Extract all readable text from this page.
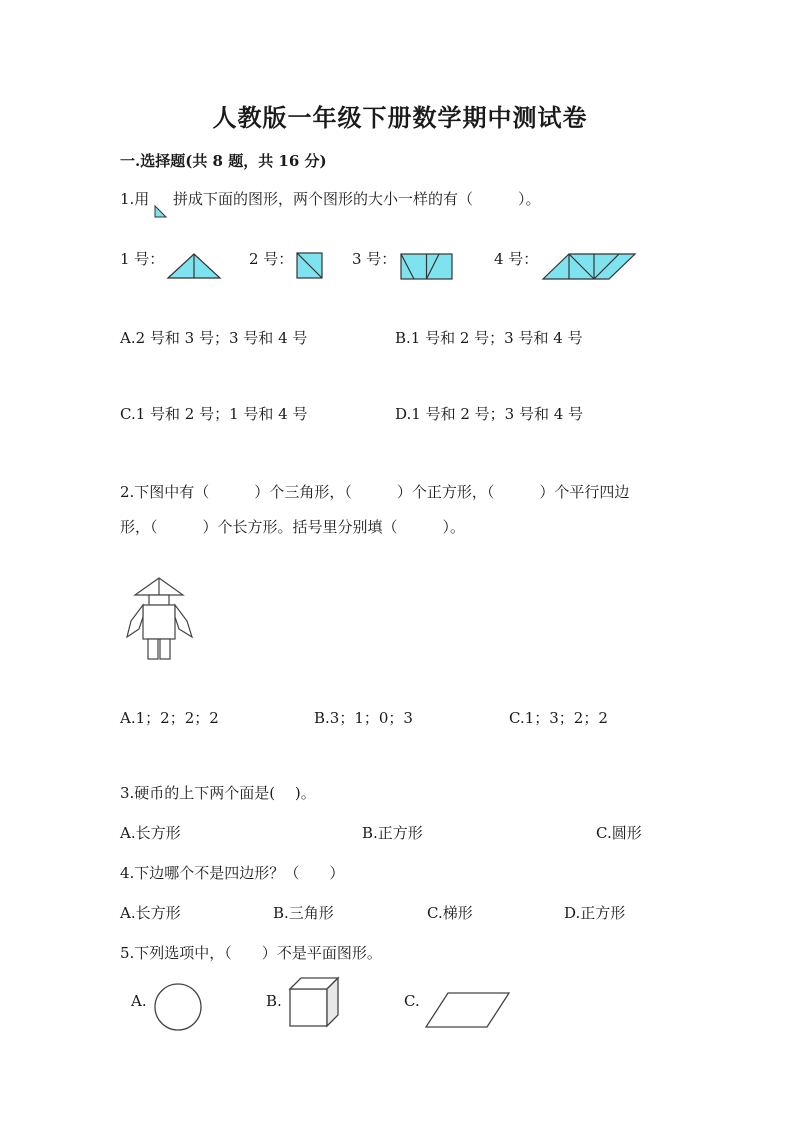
人教版一年级下册数学期中测试卷
一.选择题(共 8 题，共 16 分)
1.用 拼成下面的图形，两个图形的大小一样的有（　　　）。
1 号：	2 号：	3 号：	4 号：
A.2 号和 3 号；3 号和 4 号	B.1 号和 2 号；3 号和 4 号
C.1 号和 2 号；1 号和 4 号	D.1 号和 2 号；3 号和 4 号
2.下图中有（　　　）个三角形，（　　　）个正方形，（　　　）个平行四边
形，（　　　）个长方形。括号里分别填（　　　）。
A.1；2；2；2	B.3；1；0；3	C.1；3；2；2
3.硬币的上下两个面是(　 )。
A.长方形	B.正方形	C.圆形
4.下边哪个不是四边形？（　　）
A.长方形	B.三角形	C.梯形	D.正方形
5.下列选项中，（　　）不是平面图形。
A.	B.	C.
